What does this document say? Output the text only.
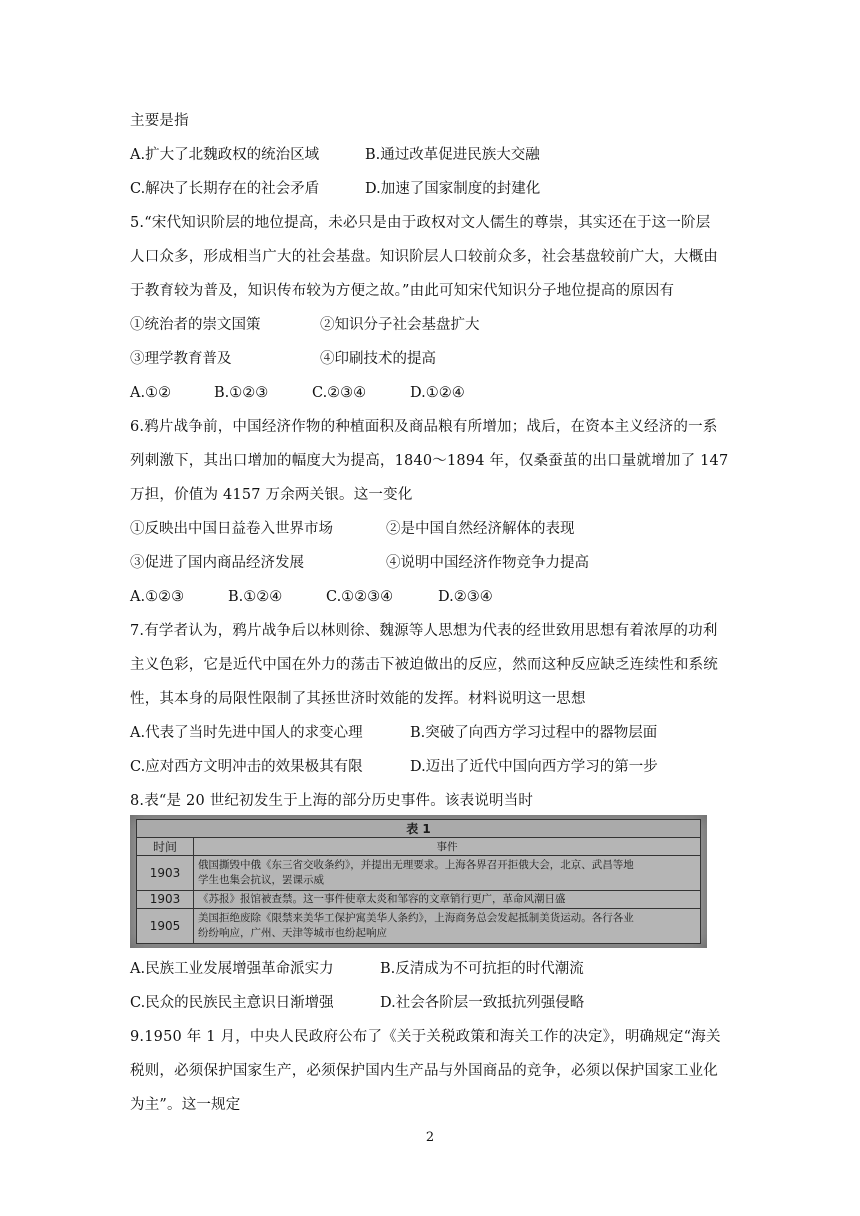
主要是指
A.扩大了北魏政权的统治区域	B.通过改革促进民族大交融
C.解决了长期存在的社会矛盾	D.加速了国家制度的封建化
5.“宋代知识阶层的地位提高，未必只是由于政权对文人儒生的尊崇，其实还在于这一阶层
人口众多，形成相当广大的社会基盘。知识阶层人口较前众多，社会基盘较前广大，大概由
于教育较为普及，知识传布较为方便之故。”由此可知宋代知识分子地位提高的原因有
①统治者的崇文国策	②知识分子社会基盘扩大
③理学教育普及	④印刷技术的提高
A.①②	B.①②③	C.②③④	D.①②④
6.鸦片战争前，中国经济作物的种植面积及商品粮有所增加；战后，在资本主义经济的一系
列刺激下，其出口增加的幅度大为提高，1840～1894 年，仅桑蚕茧的出口量就增加了 147
万担，价值为 4157 万余两关银。这一变化
①反映出中国日益卷入世界市场	②是中国自然经济解体的表现
③促进了国内商品经济发展	④说明中国经济作物竞争力提高
A.①②③	B.①②④	C.①②③④	D.②③④
7.有学者认为，鸦片战争后以林则徐、魏源等人思想为代表的经世致用思想有着浓厚的功利
主义色彩，它是近代中国在外力的荡击下被迫做出的反应，然而这种反应缺乏连续性和系统
性，其本身的局限性限制了其拯世济时效能的发挥。材料说明这一思想
A.代表了当时先进中国人的求变心理	B.突破了向西方学习过程中的器物层面
C.应对西方文明冲击的效果极其有限	D.迈出了近代中国向西方学习的第一步
8.表“是 20 世纪初发生于上海的部分历史事件。该表说明当时
表 1	
时间	事件
1903	俄国撕毁中俄《东三省交收条约》，并提出无理要求。上海各界召开拒俄大会，北京、武昌等地
学生也集会抗议，罢课示威

1903	《苏报》报馆被查禁。这一事件使章太炎和邹容的文章销行更广，革命风潮日盛

1905	美国拒绝废除《限禁来美华工保护寓美华人条约》，上海商务总会发起抵制美货运动。各行各业
纷纷响应，广州、天津等城市也纷起响应
A.民族工业发展增强革命派实力	B.反清成为不可抗拒的时代潮流
C.民众的民族民主意识日渐增强	D.社会各阶层一致抵抗列强侵略
9.1950 年 1 月，中央人民政府公布了《关于关税政策和海关工作的决定》，明确规定“海关
税则，必须保护国家生产，必须保护国内生产品与外国商品的竞争，必须以保护国家工业化
为主”。这一规定
2
